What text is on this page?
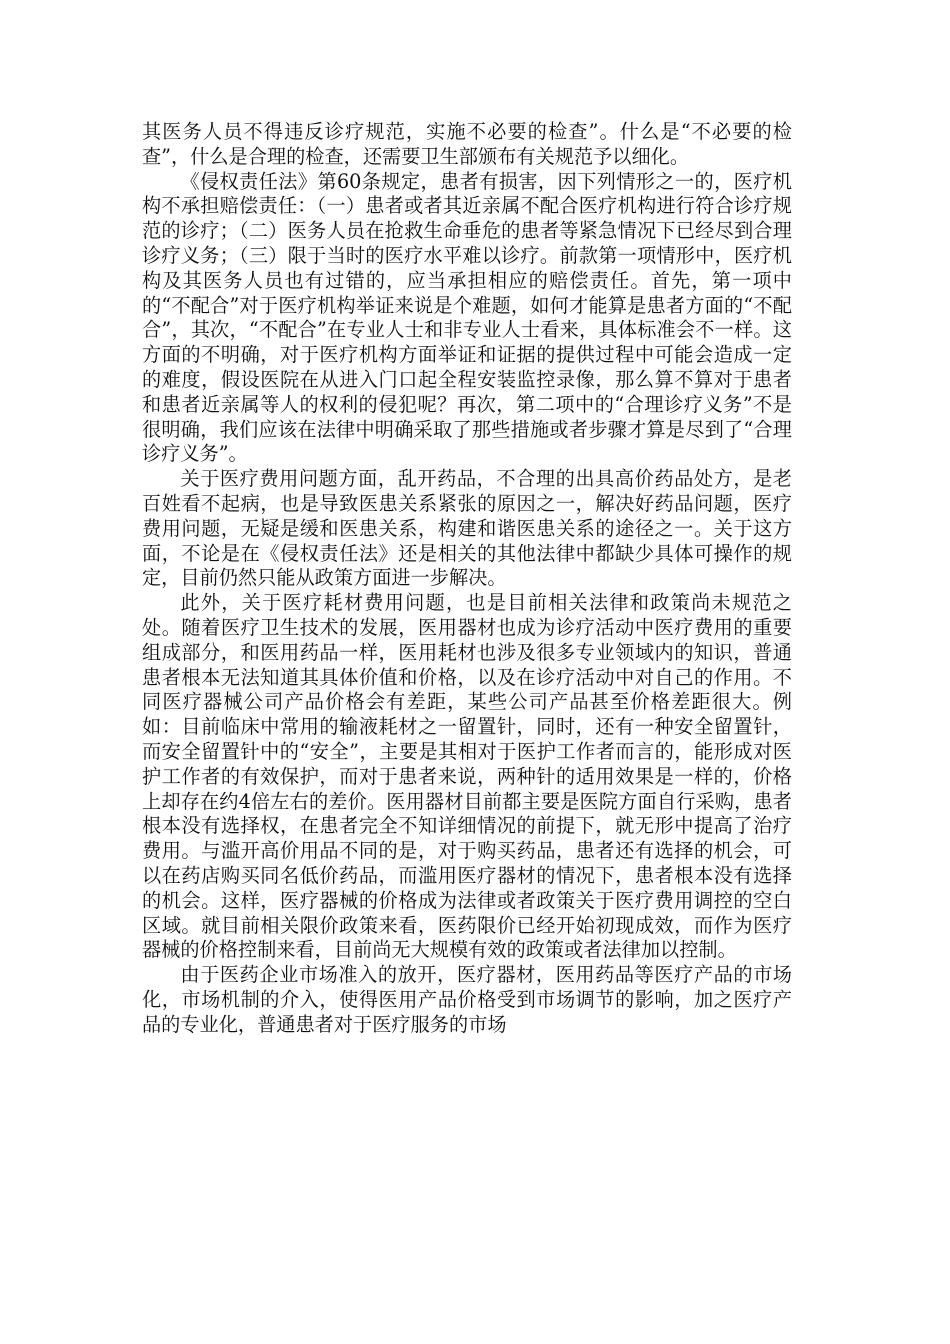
其医务人员不得违反诊疗规范，实施不必要的检查”。什么是“不必要的检查”，什么是合理的检查，还需要卫生部颁布有关规范予以细化。

《侵权责任法》第60条规定，患者有损害，因下列情形之一的，医疗机构不承担赔偿责任：（一）患者或者其近亲属不配合医疗机构进行符合诊疗规范的诊疗；（二）医务人员在抢救生命垂危的患者等紧急情况下已经尽到合理诊疗义务；（三）限于当时的医疗水平难以诊疗。前款第一项情形中，医疗机构及其医务人员也有过错的，应当承担相应的赔偿责任。首先，第一项中的“不配合”对于医疗机构举证来说是个难题，如何才能算是患者方面的“不配合”，其次，“不配合”在专业人士和非专业人士看来，具体标准会不一样。这方面的不明确，对于医疗机构方面举证和证据的提供过程中可能会造成一定的难度，假设医院在从进入门口起全程安装监控录像，那么算不算对于患者和患者近亲属等人的权利的侵犯呢？再次，第二项中的“合理诊疗义务”不是很明确，我们应该在法律中明确采取了那些措施或者步骤才算是尽到了“合理诊疗义务”。

关于医疗费用问题方面，乱开药品，不合理的出具高价药品处方，是老百姓看不起病，也是导致医患关系紧张的原因之一，解决好药品问题，医疗费用问题，无疑是缓和医患关系，构建和谐医患关系的途径之一。关于这方面，不论是在《侵权责任法》还是相关的其他法律中都缺少具体可操作的规定，目前仍然只能从政策方面进一步解决。

此外，关于医疗耗材费用问题，也是目前相关法律和政策尚未规范之处。随着医疗卫生技术的发展，医用器材也成为诊疗活动中医疗费用的重要组成部分，和医用药品一样，医用耗材也涉及很多专业领域内的知识，普通患者根本无法知道其具体价值和价格，以及在诊疗活动中对自己的作用。不同医疗器械公司产品价格会有差距，某些公司产品甚至价格差距很大。例如：目前临床中常用的输液耗材之一留置针，同时，还有一种安全留置针，而安全留置针中的“安全”，主要是其相对于医护工作者而言的，能形成对医护工作者的有效保护，而对于患者来说，两种针的适用效果是一样的，价格上却存在约4倍左右的差价。医用器材目前都主要是医院方面自行采购，患者根本没有选择权，在患者完全不知详细情况的前提下，就无形中提高了治疗费用。与滥开高价用品不同的是，对于购买药品，患者还有选择的机会，可以在药店购买同名低价药品，而滥用医疗器材的情况下，患者根本没有选择的机会。这样，医疗器械的价格成为法律或者政策关于医疗费用调控的空白区域。就目前相关限价政策来看，医药限价已经开始初现成效，而作为医疗器械的价格控制来看，目前尚无大规模有效的政策或者法律加以控制。

由于医药企业市场准入的放开，医疗器材，医用药品等医疗产品的市场化，市场机制的介入，使得医用产品价格受到市场调节的影响，加之医疗产品的专业化，普通患者对于医疗服务的市场
